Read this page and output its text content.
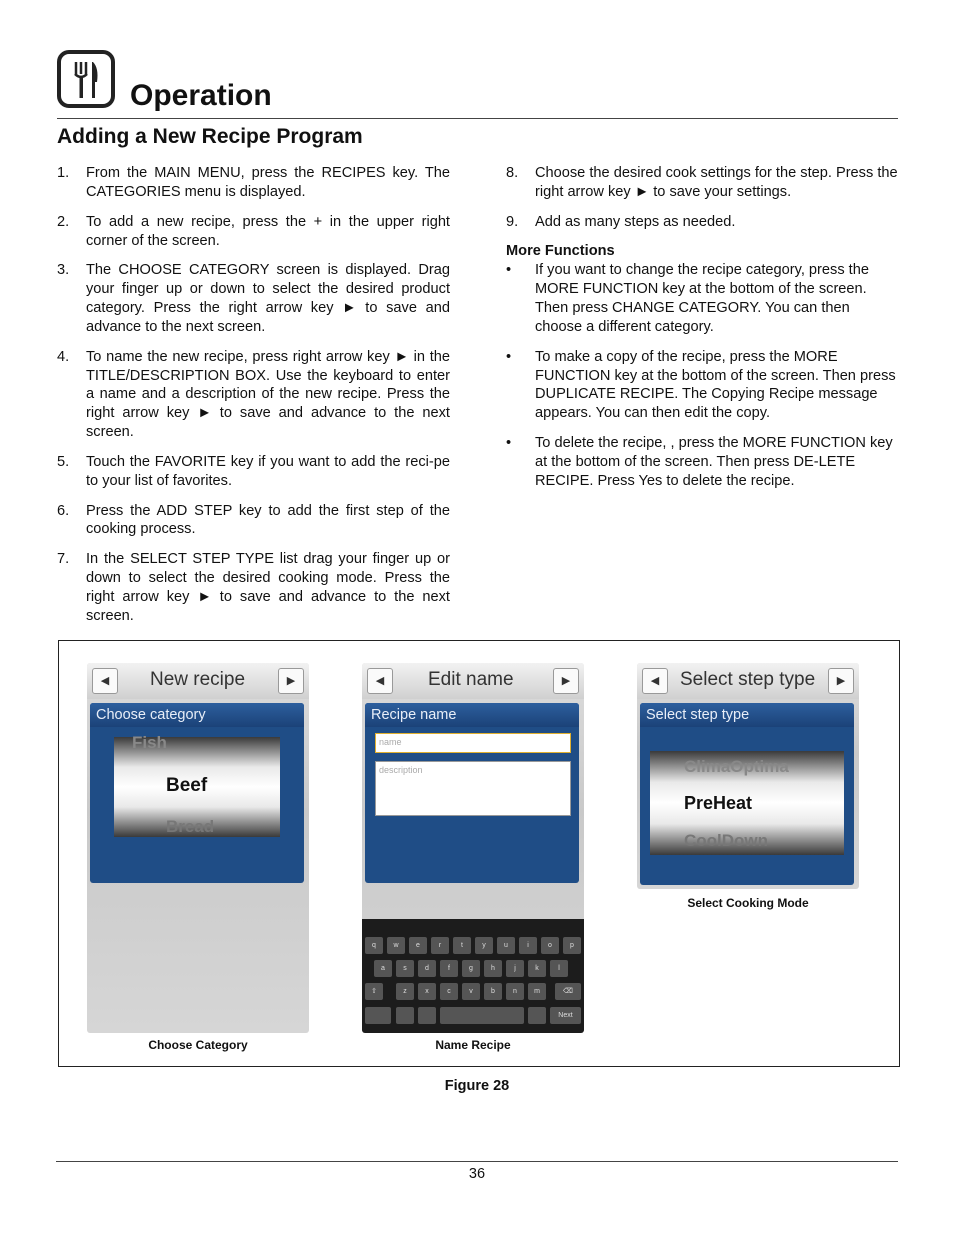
Operation
Adding a New Recipe Program
1. From the MAIN MENU, press the RECIPES key. The CATEGORIES menu is displayed.

2. To add a new recipe, press the + in the upper right corner of the screen.

3. The CHOOSE CATEGORY screen is displayed. Drag your finger up or down to select the desired product category. Press the right arrow key ► to save and advance to the next screen.

4. To name the new recipe, press right arrow key ► in the TITLE/DESCRIPTION BOX. Use the keyboard to enter a name and a description of the new recipe. Press the right arrow key ► to save and advance to the next screen.

5. Touch the FAVORITE key if you want to add the reci-pe to your list of favorites.

6. Press the ADD STEP key to add the first step of the cooking process.

7. In the SELECT STEP TYPE list drag your finger up or down to select the desired cooking mode. Press the right arrow key ► to save and advance to the next screen.

8. Choose the desired cook settings for the step. Press the right arrow key ► to save your settings.

9. Add as many steps as needed.

More Functions

• If you want to change the recipe category, press the MORE FUNCTION key at the bottom of the screen. Then press CHANGE CATEGORY. You can then choose a different category.

• To make a copy of the recipe, press the MORE FUNCTION key at the bottom of the screen. Then press DUPLICATE RECIPE. The Copying Recipe message appears. You can then edit the copy.

• To delete the recipe, , press the MORE FUNCTION key at the bottom of the screen. Then press DE-LETE RECIPE. Press Yes to delete the recipe.

◀	New recipe	▶
Choose category
Fish
Beef
Bread
Choose Category
◀	Edit name	▶
Recipe name
name
description
q	w	e	r	t	y	u	i	o	p
a	s	d	f	g	h	j	k	l
⇧	z	x	c	v	b	n	m	⌫
Next
Name Recipe
◀	Select step type	▶
Select step type
ClimaOptima
PreHeat
CoolDown
Select Cooking Mode
Figure 28
36
